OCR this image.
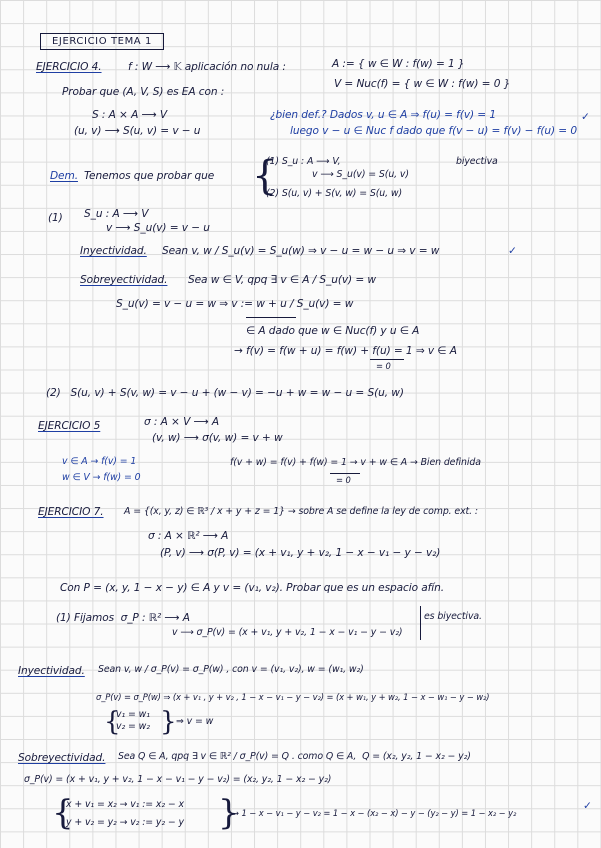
EJERCICIO TEMA 1
EJERCICIO 4. f : W ⟶ 𝕂 aplicación no nula :	A := { w ∈ W : f(w) = 1 }
V = Nuc(f) = { w ∈ W : f(w) = 0 }
Probar que (A, V, S) es EA con :
S : A × A ⟶ V
(u, v) ⟶ S(u, v) = v − u
¿bien def.? Dados v, u ∈ A ⇒ f(u) = f(v) = 1
luego v − u ∈ Nuc f dado que f(v − u) = f(v) − f(u) = 0
✓
Dem. Tenemos que probar que {
(1) S_u : A ⟶ V,
v ⟶ S_u(v) = S(u, v)
biyectiva
(2) S(u, v) + S(v, w) = S(u, w)
(1) S_u : A ⟶ V
v ⟶ S_u(v) = v − u
Inyectividad. Sean v, w / S_u(v) = S_u(w) ⇒ v − u = w − u ⇒ v = w	✓
Sobreyectividad. Sea w ∈ V, qpq ∃ v ∈ A / S_u(v) = w
S_u(v) = v − u = w ⇒ v := w + u / S_u(v) = w
∈ A dado que w ∈ Nuc(f) y u ∈ A
→ f(v) = f(w + u) = f(w) + f(u) = 1 ⇒ v ∈ A
= 0
(2)   S(u, v) + S(v, w) = v − u + (w − v) = −u + w = w − u = S(u, w)
EJERCICIO 5	σ : A × V ⟶ A
(v, w) ⟶ σ(v, w) = v + w
v ∈ A → f(v) = 1
w ∈ V → f(w) = 0
f(v + w) = f(v) + f(w) = 1 → v + w ∈ A → Bien definida
= 0
EJERCICIO 7. A = {(x, y, z) ∈ ℝ³ / x + y + z = 1} → sobre A se define la ley de comp. ext. :
σ : A × ℝ² ⟶ A
(P, v) ⟶ σ(P, v) = (x + v₁, y + v₂, 1 − x − v₁ − y − v₂)
Con P = (x, y, 1 − x − y) ∈ A y v = (v₁, v₂). Probar que es un espacio afín.
(1) Fijamos  σ_P : ℝ² ⟶ A
v ⟶ σ_P(v) = (x + v₁, y + v₂, 1 − x − v₁ − y − v₂)
es biyectiva.
Inyectividad. Sean v, w / σ_P(v) = σ_P(w) , con v = (v₁, v₂), w = (w₁, w₂)
σ_P(v) = σ_P(w) ⇒ (x + v₁ , y + v₂ , 1 − x − v₁ − y − v₂) = (x + w₁, y + w₂, 1 − x − w₁ − y − w₂)
{
v₁ = w₁
v₂ = w₂ } ⇒ v = w
Sobreyectividad. Sea Q ∈ A, qpq ∃ v ∈ ℝ² / σ_P(v) = Q . como Q ∈ A,  Q = (x₂, y₂, 1 − x₂ − y₂)
σ_P(v) = (x + v₁, y + v₂, 1 − x − v₁ − y − v₂) = (x₂, y₂, 1 − x₂ − y₂)
{
x + v₁ = x₂ → v₁ := x₂ − x
y + v₂ = y₂ → v₂ := y₂ − y }
→ 1 − x − v₁ − y − v₂ = 1 − x − (x₂ − x) − y − (y₂ − y) = 1 − x₂ − y₂
✓
